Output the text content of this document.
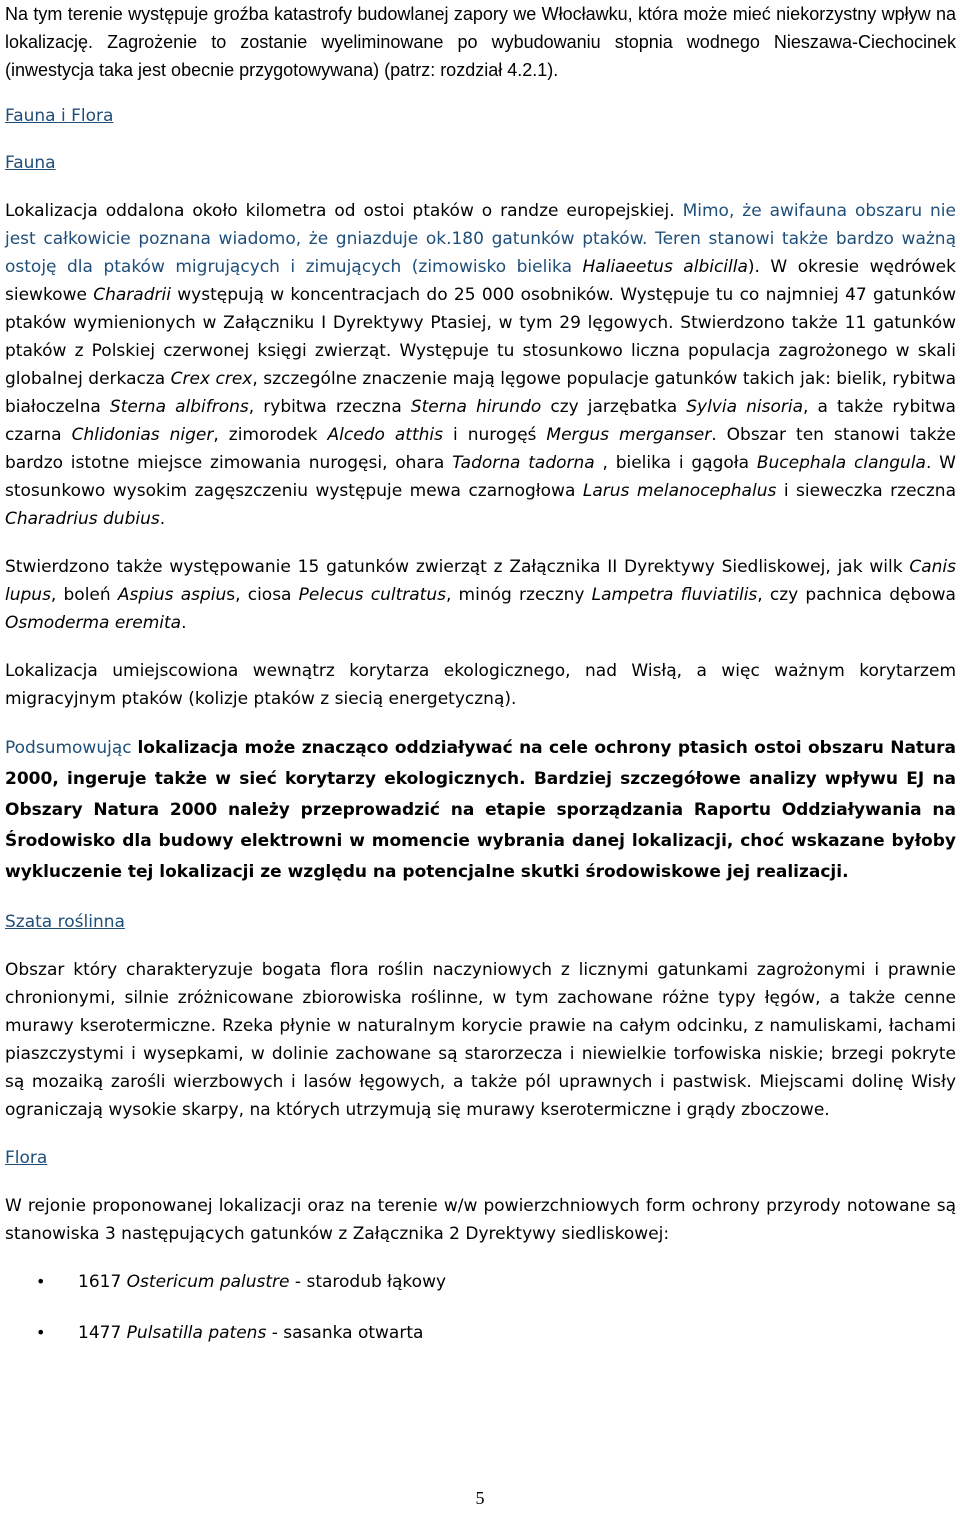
Na tym terenie występuje groźba katastrofy budowlanej zapory we Włocławku, która może mieć niekorzystny wpływ na lokalizację. Zagrożenie to zostanie wyeliminowane po wybudowaniu stopnia wodnego Nieszawa-Ciechocinek (inwestycja taka jest obecnie przygotowywana) (patrz: rozdział 4.2.1).

Fauna i Flora

Fauna

Lokalizacja oddalona około kilometra od ostoi ptaków o randze europejskiej. Mimo, że awifauna obszaru nie jest całkowicie poznana wiadomo, że gniazduje ok.180 gatunków ptaków. Teren stanowi także bardzo ważną ostoję dla ptaków migrujących i zimujących (zimowisko bielika Haliaeetus albicilla). W okresie wędrówek siewkowe Charadrii występują w koncentracjach do 25 000 osobników. Występuje tu co najmniej 47 gatunków ptaków wymienionych w Załączniku I Dyrektywy Ptasiej, w tym 29 lęgowych. Stwierdzono także 11 gatunków ptaków z Polskiej czerwonej księgi zwierząt. Występuje tu stosunkowo liczna populacja zagrożonego w skali globalnej derkacza Crex crex, szczególne znaczenie mają lęgowe populacje gatunków takich jak: bielik, rybitwa białoczelna Sterna albifrons, rybitwa rzeczna Sterna hirundo czy jarzębatka Sylvia nisoria, a także rybitwa czarna Chlidonias niger, zimorodek Alcedo atthis i nurogęś Mergus merganser. Obszar ten stanowi także bardzo istotne miejsce zimowania nurogęsi, ohara Tadorna tadorna , bielika i gągoła Bucephala clangula. W stosunkowo wysokim zagęszczeniu występuje mewa czarnogłowa Larus melanocephalus i sieweczka rzeczna Charadrius dubius.

Stwierdzono także występowanie 15 gatunków zwierząt z Załącznika II Dyrektywy Siedliskowej, jak wilk Canis lupus, boleń Aspius aspius, ciosa Pelecus cultratus, minóg rzeczny Lampetra fluviatilis, czy pachnica dębowa Osmoderma eremita.

Lokalizacja umiejscowiona wewnątrz korytarza ekologicznego, nad Wisłą, a więc ważnym korytarzem migracyjnym ptaków (kolizje ptaków z siecią energetyczną).

Podsumowując lokalizacja może znacząco oddziaływać na cele ochrony ptasich ostoi obszaru Natura 2000, ingeruje także w sieć korytarzy ekologicznych. Bardziej szczegółowe analizy wpływu EJ na Obszary Natura 2000 należy przeprowadzić na etapie sporządzania Raportu Oddziaływania na Środowisko dla budowy elektrowni w momencie wybrania danej lokalizacji, choć wskazane byłoby wykluczenie tej lokalizacji ze względu na potencjalne skutki środowiskowe jej realizacji.

Szata roślinna

Obszar który charakteryzuje bogata flora roślin naczyniowych z licznymi gatunkami zagrożonymi i prawnie chronionymi, silnie zróżnicowane zbiorowiska roślinne, w tym zachowane różne typy łęgów, a także cenne murawy kserotermiczne. Rzeka płynie w naturalnym korycie prawie na całym odcinku, z namuliskami, łachami piaszczystymi i wysepkami, w dolinie zachowane są starorzecza i niewielkie torfowiska niskie; brzegi pokryte są mozaiką zarośli wierzbowych i lasów łęgowych, a także pól uprawnych i pastwisk. Miejscami dolinę Wisły ograniczają wysokie skarpy, na których utrzymują się murawy kserotermiczne i grądy zboczowe.

Flora

W rejonie proponowanej lokalizacji oraz na terenie w/w powierzchniowych form ochrony przyrody notowane są stanowiska 3 następujących gatunków z Załącznika 2 Dyrektywy siedliskowej:

• 1617 Ostericum palustre - starodub łąkowy
• 1477 Pulsatilla patens - sasanka otwarta
5
